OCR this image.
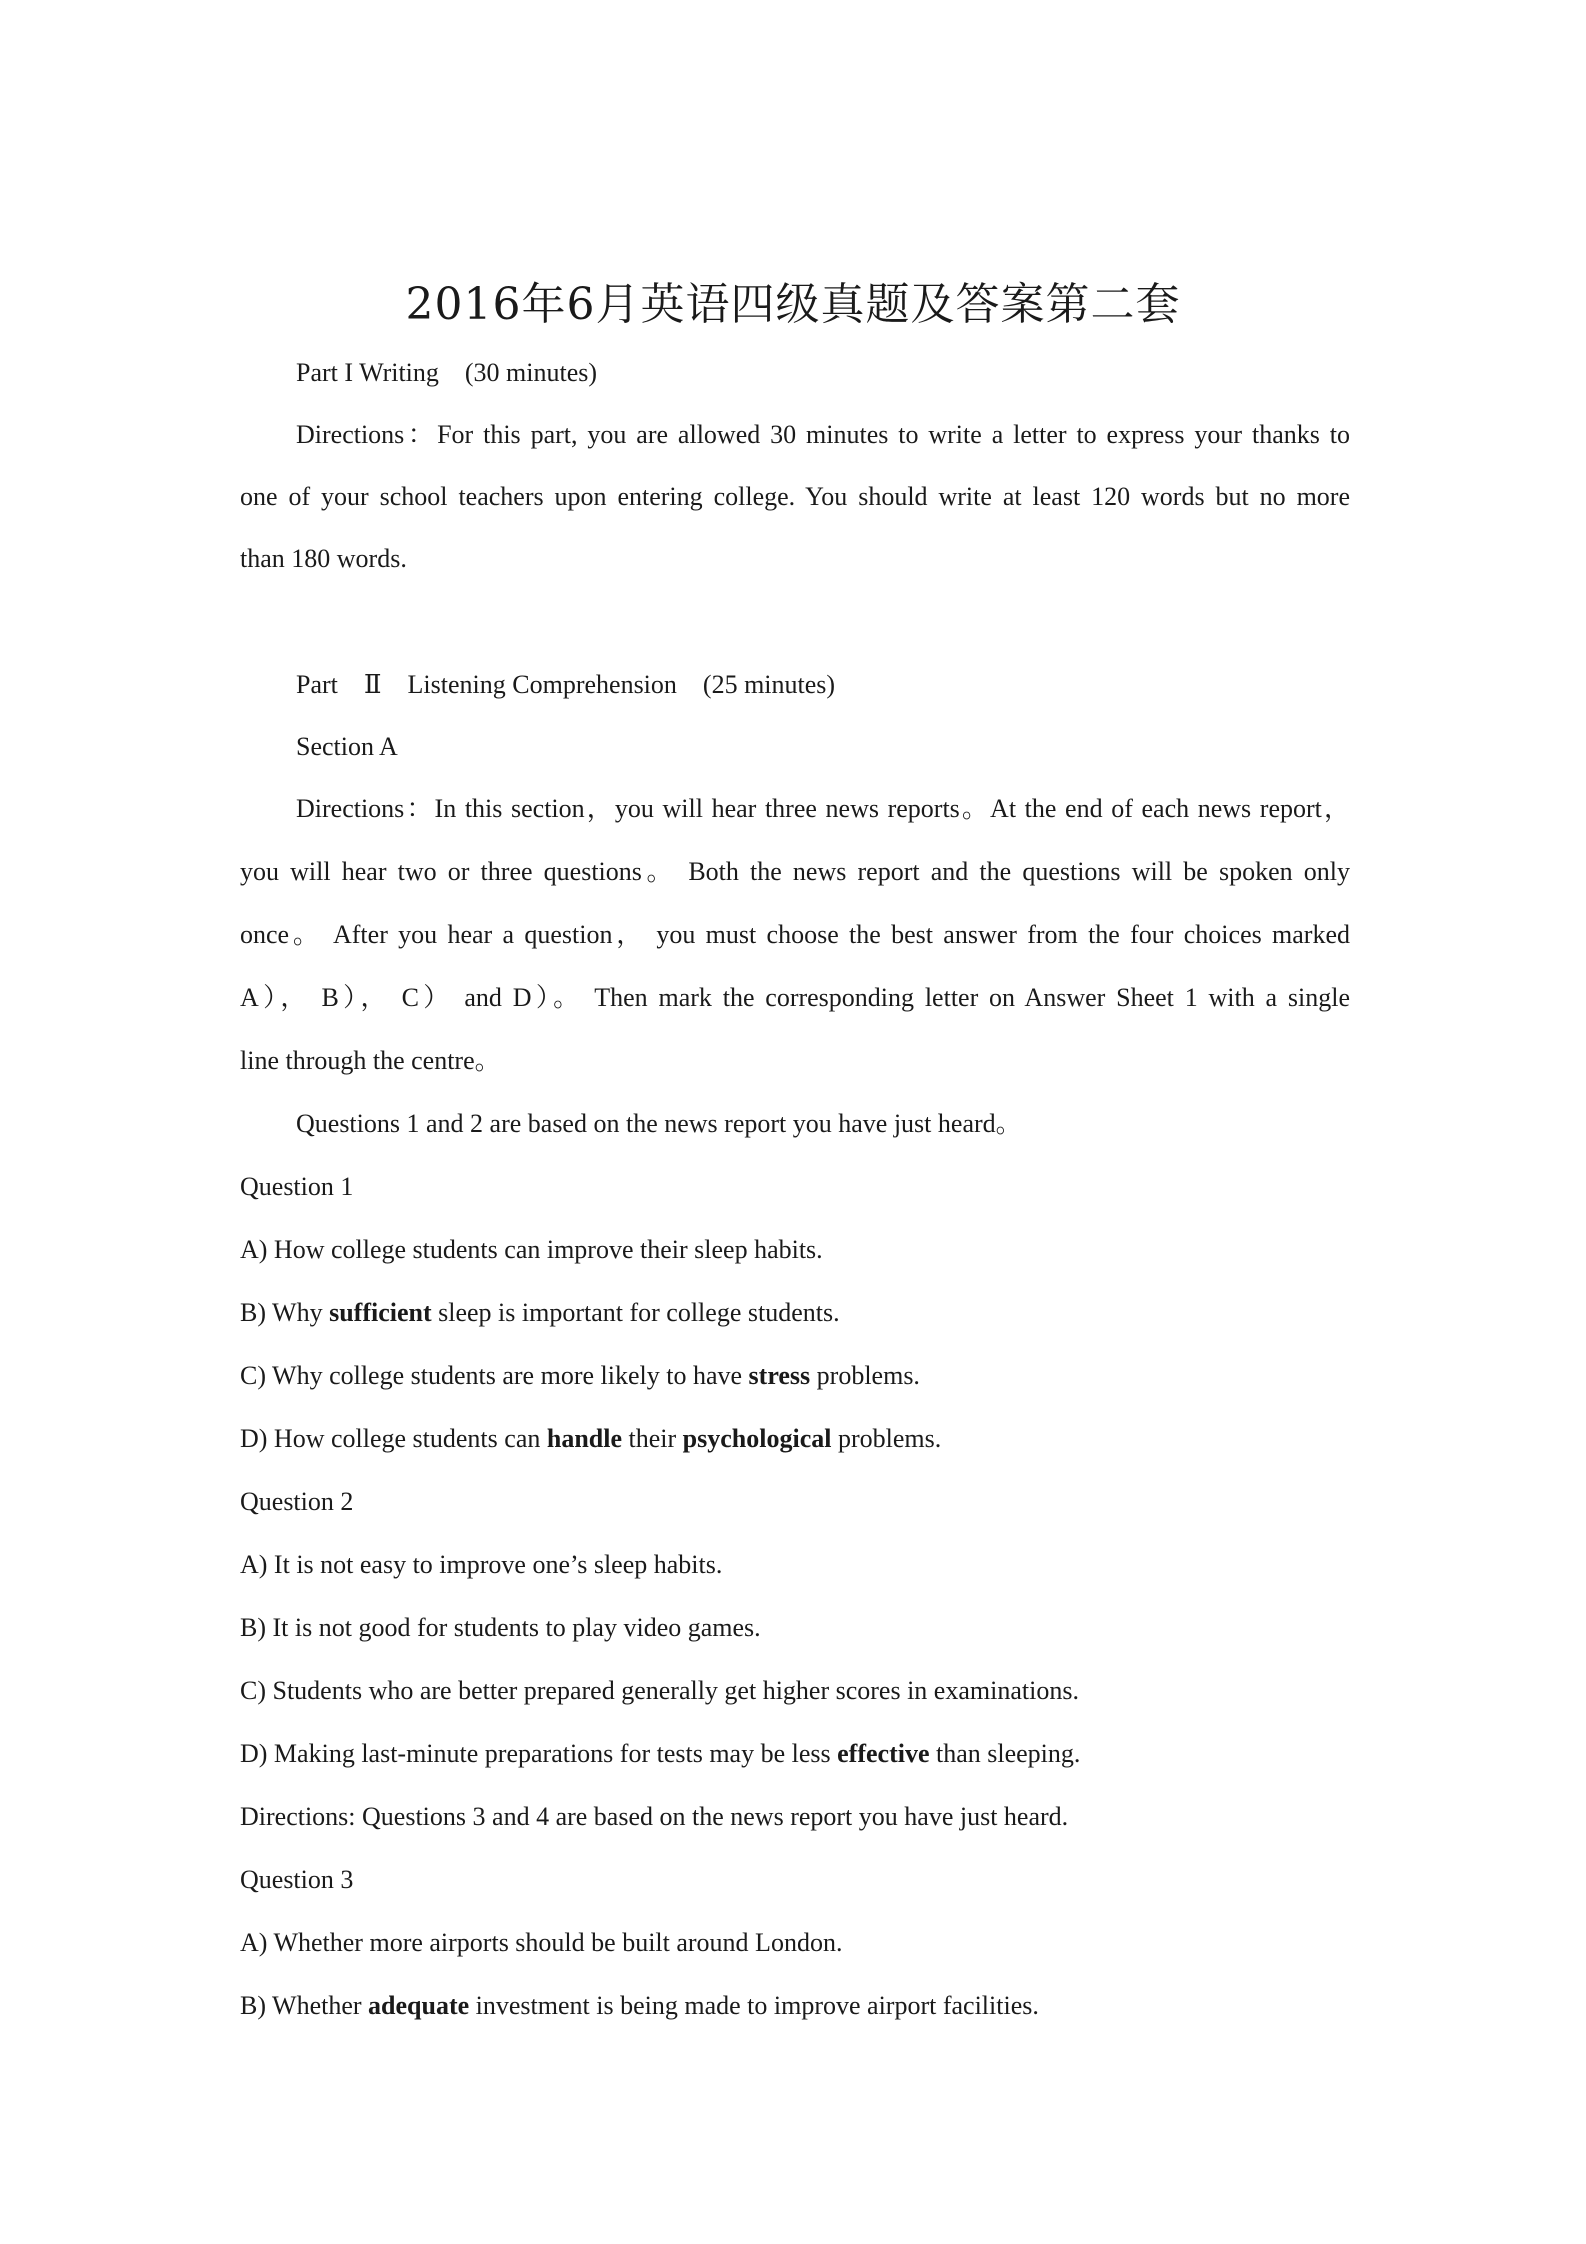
2016年6月英语四级真题及答案第二套
Part I Writing　(30 minutes)
Directions：For this part, you are allowed 30 minutes to write a letter to express your thanks to
one of your school teachers upon entering college. You should write at least 120 words but no more
than 180 words.
Part　Ⅱ　Listening Comprehension　(25 minutes)
Section A
Directions：In this section，you will hear three news reports。At the end of each news report，
you will hear two or three questions。 Both the news report and the questions will be spoken only
once。 After you hear a question， you must choose the best answer from the four choices marked
A）， B）， C） and D）。 Then mark the corresponding letter on Answer Sheet 1 with a single
line through the centre。
Questions 1 and 2 are based on the news report you have just heard。
Question 1
A) How college students can improve their sleep habits.
B) Why sufficient sleep is important for college students.
C) Why college students are more likely to have stress problems.
D) How college students can handle their psychological problems.
Question 2
A) It is not easy to improve one’s sleep habits.
B) It is not good for students to play video games.
C) Students who are better prepared generally get higher scores in examinations.
D) Making last-minute preparations for tests may be less effective than sleeping.
Directions: Questions 3 and 4 are based on the news report you have just heard.
Question 3
A) Whether more airports should be built around London.
B) Whether adequate investment is being made to improve airport facilities.
